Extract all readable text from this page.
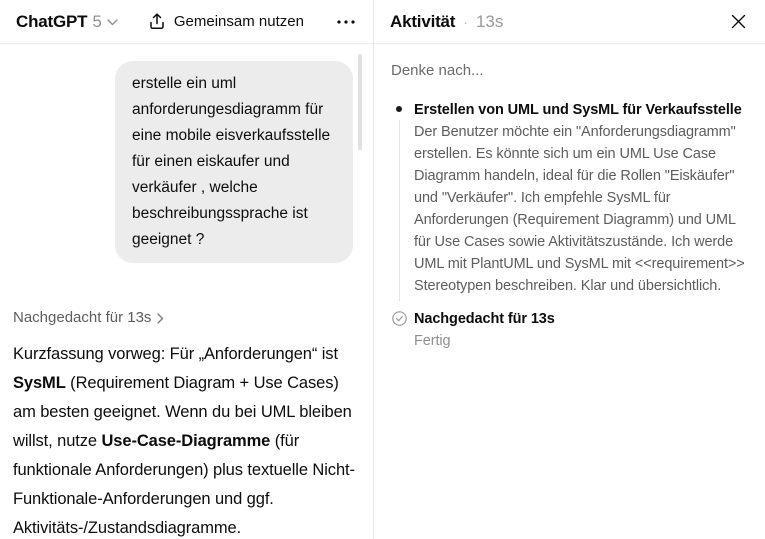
ChatGPT 5	Gemeinsam nutzen
erstelle ein uml anforderungesdiagramm für eine mobile eisverkaufsstelle für einen eiskaufer und verkäufer , welche beschreibungssprache ist geeignet ?
Nachgedacht für 13s
Kurzfassung vorweg: Für „Anforderungen“ ist SysML (Requirement Diagram + Use Cases) am besten geeignet. Wenn du bei UML bleiben willst, nutze Use-Case-Diagramme (für funktionale Anforderungen) plus textuelle Nicht-Funktionale-Anforderungen und ggf. Aktivitäts-/Zustandsdiagramme.
Aktivität · 13s
Denke nach...
Erstellen von UML und SysML für Verkaufsstelle
Der Benutzer möchte ein "Anforderungsdiagramm" erstellen. Es könnte sich um ein UML Use Case Diagramm handeln, ideal für die Rollen "Eiskäufer" und "Verkäufer". Ich empfehle SysML für Anforderungen (Requirement Diagramm) und UML für Use Cases sowie Aktivitätszustände. Ich werde UML mit PlantUML und SysML mit <<requirement>> Stereotypen beschreiben. Klar und übersichtlich.
Nachgedacht für 13s
Fertig
